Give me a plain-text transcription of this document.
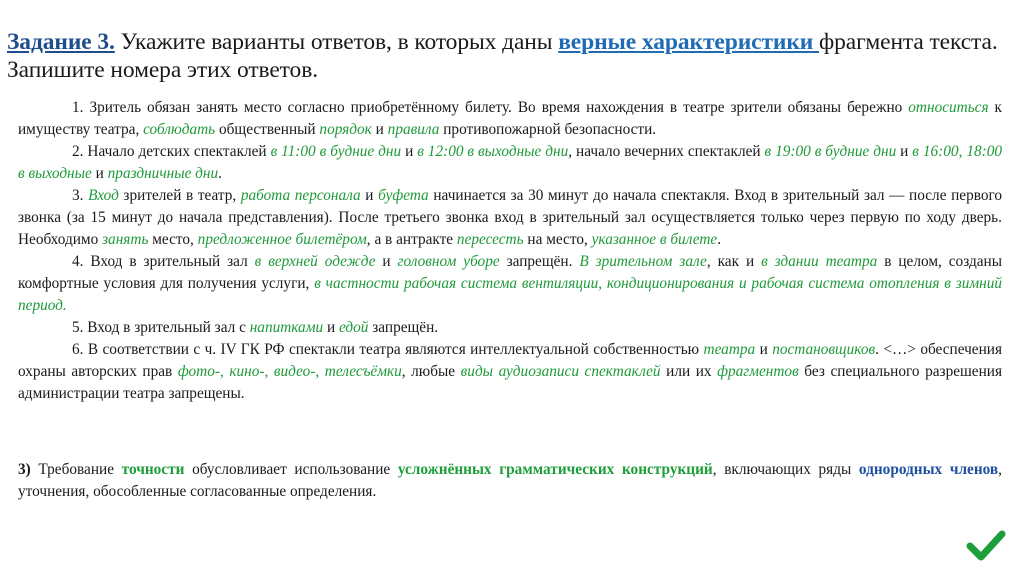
Задание 3. Укажите варианты ответов, в которых даны верные характеристики фрагмента текста. Запишите номера этих ответов.

1. Зритель обязан занять место согласно приобретённому билету. Во время нахождения в театре зрители обязаны бережно относиться к имуществу театра, соблюдать общественный порядок и правила противопожарной безопасности.

2. Начало детских спектаклей в 11:00 в будние дни и в 12:00 в выходные дни, начало вечерних спектаклей в 19:00 в будние дни и в 16:00, 18:00 в выходные и праздничные дни.

3. Вход зрителей в театр, работа персонала и буфета начинается за 30 минут до начала спектакля. Вход в зрительный зал — после первого звонка (за 15 минут до начала представления). После третьего звонка вход в зрительный зал осуществляется только через первую по ходу дверь. Необходимо занять место, предложенное билетёром, а в антракте пересесть на место, указанное в билете.

4. Вход в зрительный зал в верхней одежде и головном уборе запрещён. В зрительном зале, как и в здании театра в целом, созданы комфортные условия для получения услуги, в частности рабочая система вентиляции, кондиционирования и рабочая система отопления в зимний период.

5. Вход в зрительный зал с напитками и едой запрещён.

6. В соответствии с ч. IV ГК РФ спектакли театра являются интеллектуальной собственностью театра и постановщиков. <…> обеспечения охраны авторских прав фото-, кино-, видео-, телесъёмки, любые виды аудиозаписи спектаклей или их фрагментов без специального разрешения администрации театра запрещены.

3) Требование точности обусловливает использование усложнённых грамматических конструкций, включающих ряды однородных членов, уточнения, обособленные согласованные определения.
